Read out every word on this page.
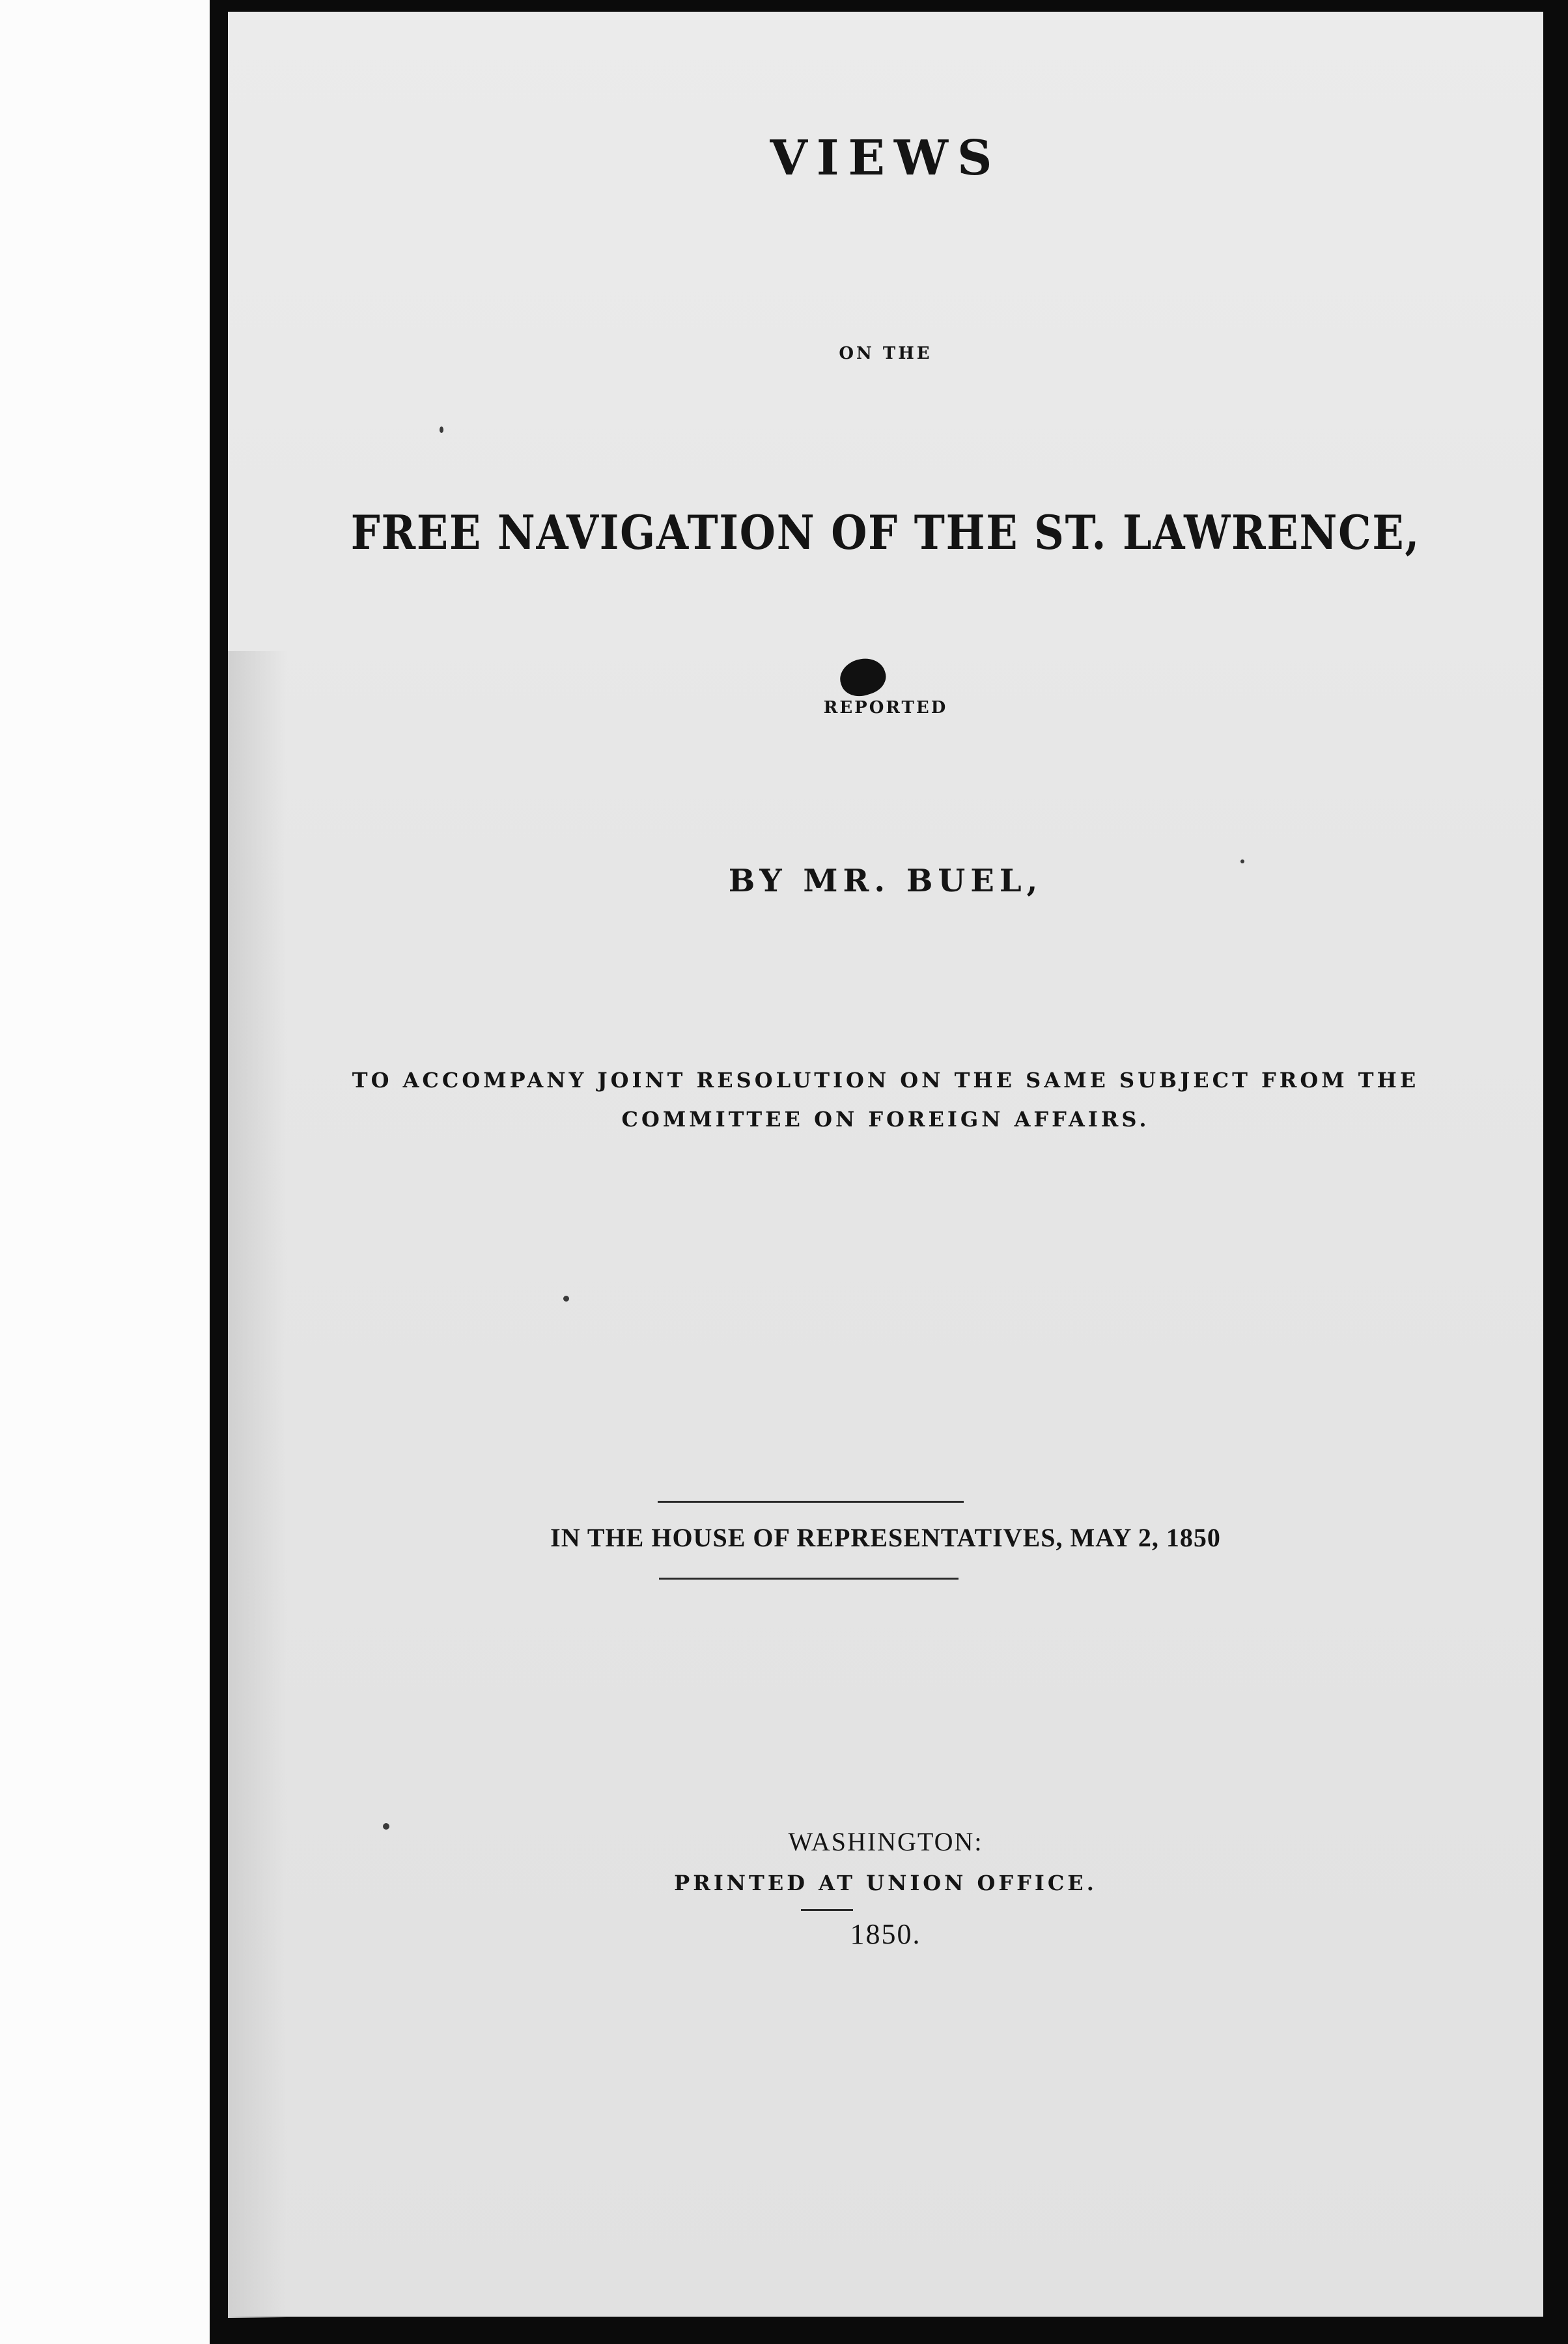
VIEWS
ON THE
FREE NAVIGATION OF THE ST. LAWRENCE,
REPORTED
BY MR. BUEL,
TO ACCOMPANY JOINT RESOLUTION ON THE SAME SUBJECT FROM THE
COMMITTEE ON FOREIGN AFFAIRS.
IN THE HOUSE OF REPRESENTATIVES, MAY 2, 1850
WASHINGTON:
PRINTED AT UNION OFFICE.
1850.
